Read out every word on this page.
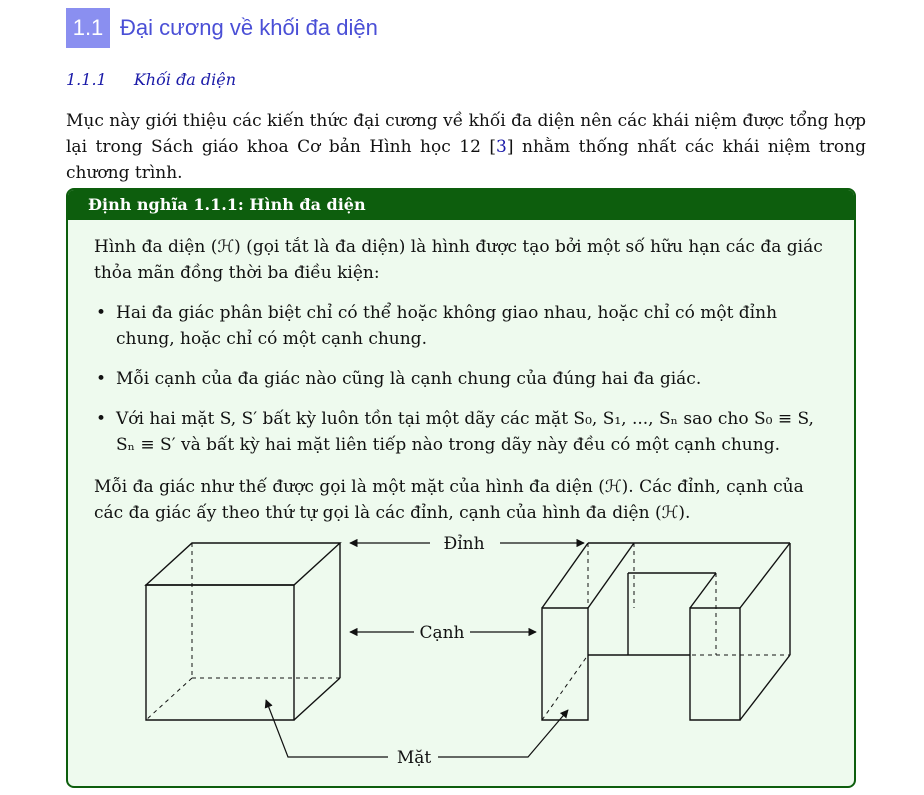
1.1 Đại cương về khối đa diện
1.1.1 Khối đa diện
Mục này giới thiệu các kiến thức đại cương về khối đa diện nên các khái niệm được tổng hợp lại trong Sách giáo khoa Cơ bản Hình học 12 [3] nhằm thống nhất các khái niệm trong chương trình.
Định nghĩa 1.1.1: Hình đa diện
Hình đa diện (ℋ) (gọi tắt là đa diện) là hình được tạo bởi một số hữu hạn các đa giác thỏa mãn đồng thời ba điều kiện:
• Hai đa giác phân biệt chỉ có thể hoặc không giao nhau, hoặc chỉ có một đỉnh chung, hoặc chỉ có một cạnh chung.
• Mỗi cạnh của đa giác nào cũng là cạnh chung của đúng hai đa giác.
• Với hai mặt S, S′ bất kỳ luôn tồn tại một dãy các mặt S₀, S₁, ..., Sₙ sao cho S₀ ≡ S, Sₙ ≡ S′ và bất kỳ hai mặt liên tiếp nào trong dãy này đều có một cạnh chung.
Mỗi đa giác như thế được gọi là một mặt của hình đa diện (ℋ). Các đỉnh, cạnh của các đa giác ấy theo thứ tự gọi là các đỉnh, cạnh của hình đa diện (ℋ).
Đỉnh
Cạnh
Mặt
